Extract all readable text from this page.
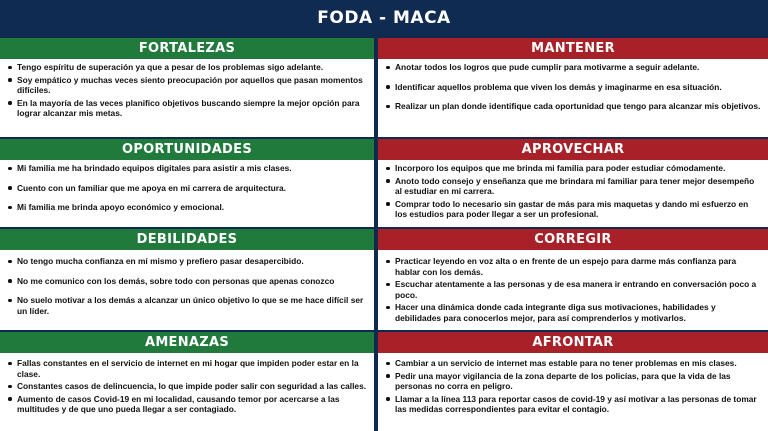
FODA - MACA
FORTALEZAS
Tengo espíritu de superación ya que a pesar de los problemas sigo adelante.
Soy empático y muchas veces siento preocupación por aquellos que pasan momentos difíciles.
En la mayoría de las veces planifico objetivos buscando siempre la mejor opción para lograr alcanzar mis metas.
MANTENER
Anotar todos los logros que pude cumplir para motivarme a seguir adelante.
Identificar aquellos problema que viven los demás y imaginarme en esa situación.
Realizar un plan donde identifique cada oportunidad que tengo para alcanzar mis objetivos.
OPORTUNIDADES
Mi familia me ha brindado equipos digitales para asistir a mis clases.
Cuento con un familiar que me apoya en mi carrera de arquitectura.
Mi familia me brinda apoyo económico y emocional.
APROVECHAR
Incorporo los equipos que me brinda mi familia para poder estudiar cómodamente.
Anoto todo consejo y enseñanza que me brindara mi familiar para tener mejor desempeño al estudiar en mi carrera.
Comprar todo lo necesario sin gastar de más para mis maquetas y dando mi esfuerzo en los estudios para poder llegar a ser un profesional.
DEBILIDADES
No tengo mucha confianza en mí mismo y prefiero pasar desapercibido.
No me comunico con los demás, sobre todo con personas que apenas conozco
No suelo motivar a los demás a alcanzar un único objetivo lo que se me hace difícil ser un líder.
CORREGIR
Practicar leyendo en voz alta o en frente de un espejo para darme más confianza para hablar con los demás.
Escuchar atentamente a las personas y de esa manera ir entrando en conversación poco a poco.
Hacer una dinámica donde cada integrante diga sus motivaciones, habilidades y debilidades para conocerlos mejor, para así comprenderlos y motivarlos.
AMENAZAS
Fallas constantes en el servicio de internet en mi hogar que impiden poder estar en la clase.
Constantes casos de delincuencia, lo que impide poder salir con seguridad a las calles.
Aumento de casos Covid-19 en mi localidad, causando temor por acercarse a las multitudes y de que uno pueda llegar a ser contagiado.
AFRONTAR
Cambiar a un servicio de internet mas estable para no tener problemas en mis clases.
Pedir una mayor vigilancia de la zona departe de los policías, para que la vida de las personas no corra en peligro.
Llamar a la línea 113 para reportar casos de covid-19 y así motivar a las personas de tomar las medidas correspondientes para evitar el contagio.
